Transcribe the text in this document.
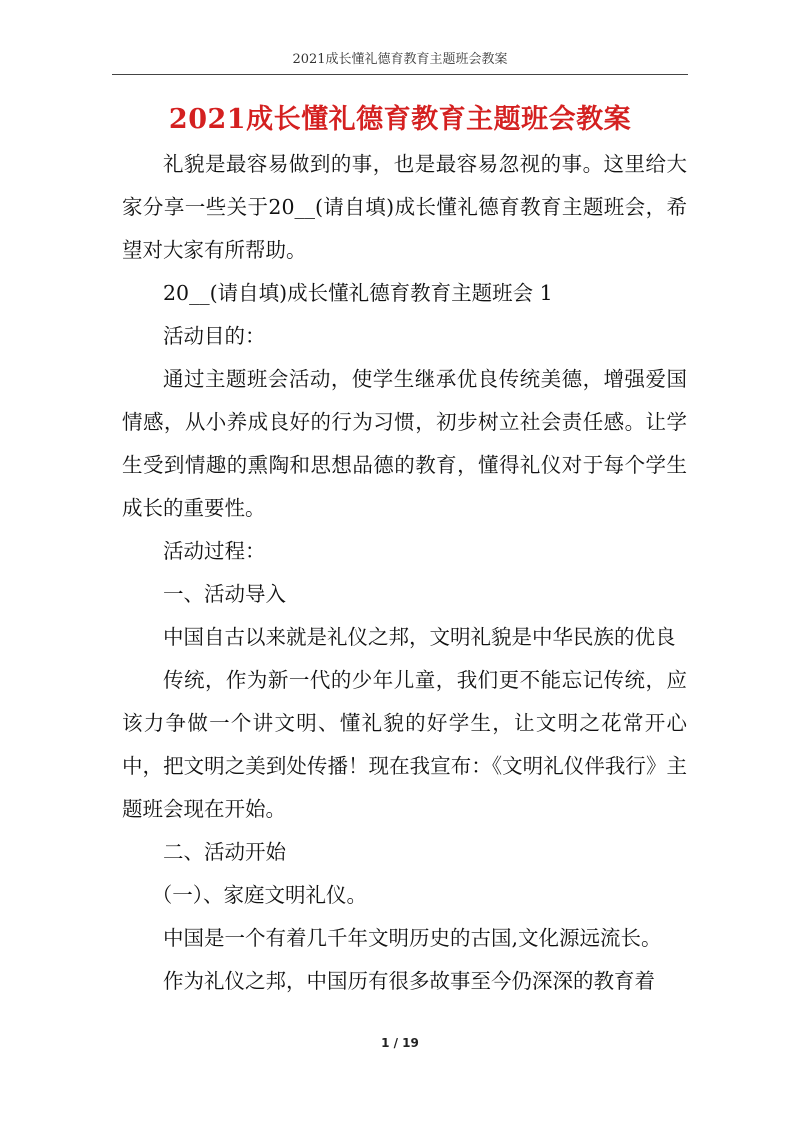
2021成长懂礼德育教育主题班会教案
2021成长懂礼德育教育主题班会教案

礼貌是最容易做到的事，也是最容易忽视的事。这里给大家分享一些关于20__(请自填)成长懂礼德育教育主题班会，希望对大家有所帮助。

20__(请自填)成长懂礼德育教育主题班会 1

活动目的：

通过主题班会活动，使学生继承优良传统美德，增强爱国情感，从小养成良好的行为习惯，初步树立社会责任感。让学生受到情趣的熏陶和思想品德的教育，懂得礼仪对于每个学生成长的重要性。

活动过程：

一、活动导入

中国自古以来就是礼仪之邦，文明礼貌是中华民族的优良

传统，作为新一代的少年儿童，我们更不能忘记传统，应该力争做一个讲文明、懂礼貌的好学生，让文明之花常开心中，把文明之美到处传播！现在我宣布：《文明礼仪伴我行》主题班会现在开始。

二、活动开始

（一）、家庭文明礼仪。

中国是一个有着几千年文明历史的古国,文化源远流长。

作为礼仪之邦，中国历有很多故事至今仍深深的教育着

1 / 19
